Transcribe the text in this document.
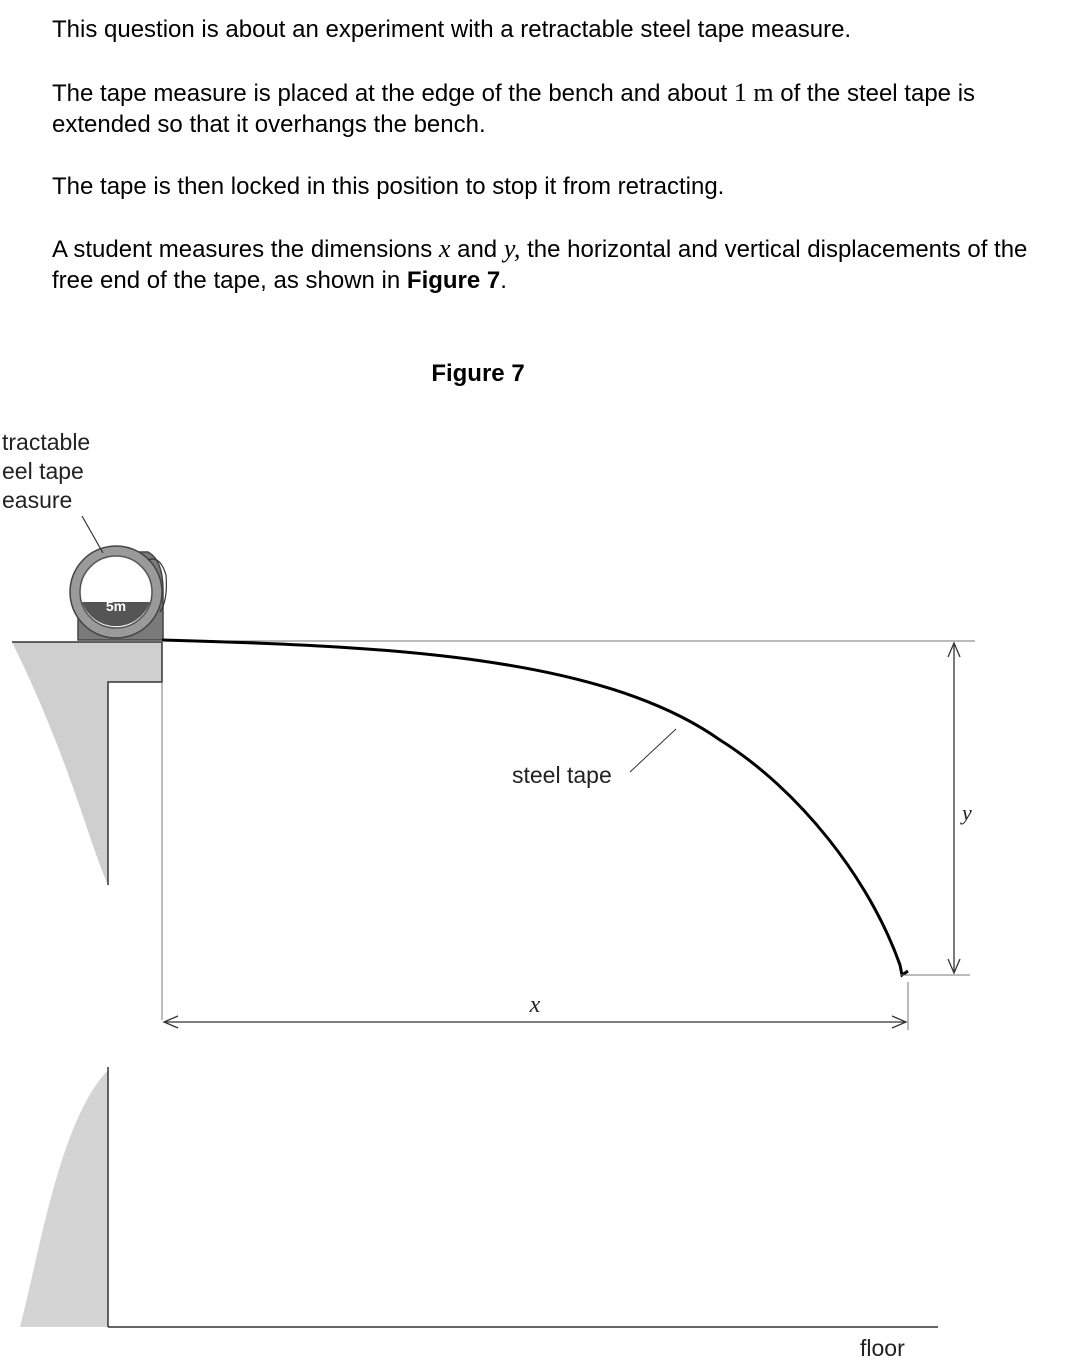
This question is about an experiment with a retractable steel tape measure.

The tape measure is placed at the edge of the bench and about 1 m of the steel tape is extended so that it overhangs the bench.

The tape is then locked in this position to stop it from retracting.

A student measures the dimensions x and y, the horizontal and vertical displacements of the free end of the tape, as shown in Figure 7.

Figure 7

5m
tractable
eel tape
easure
steel tape
x
y
floor
